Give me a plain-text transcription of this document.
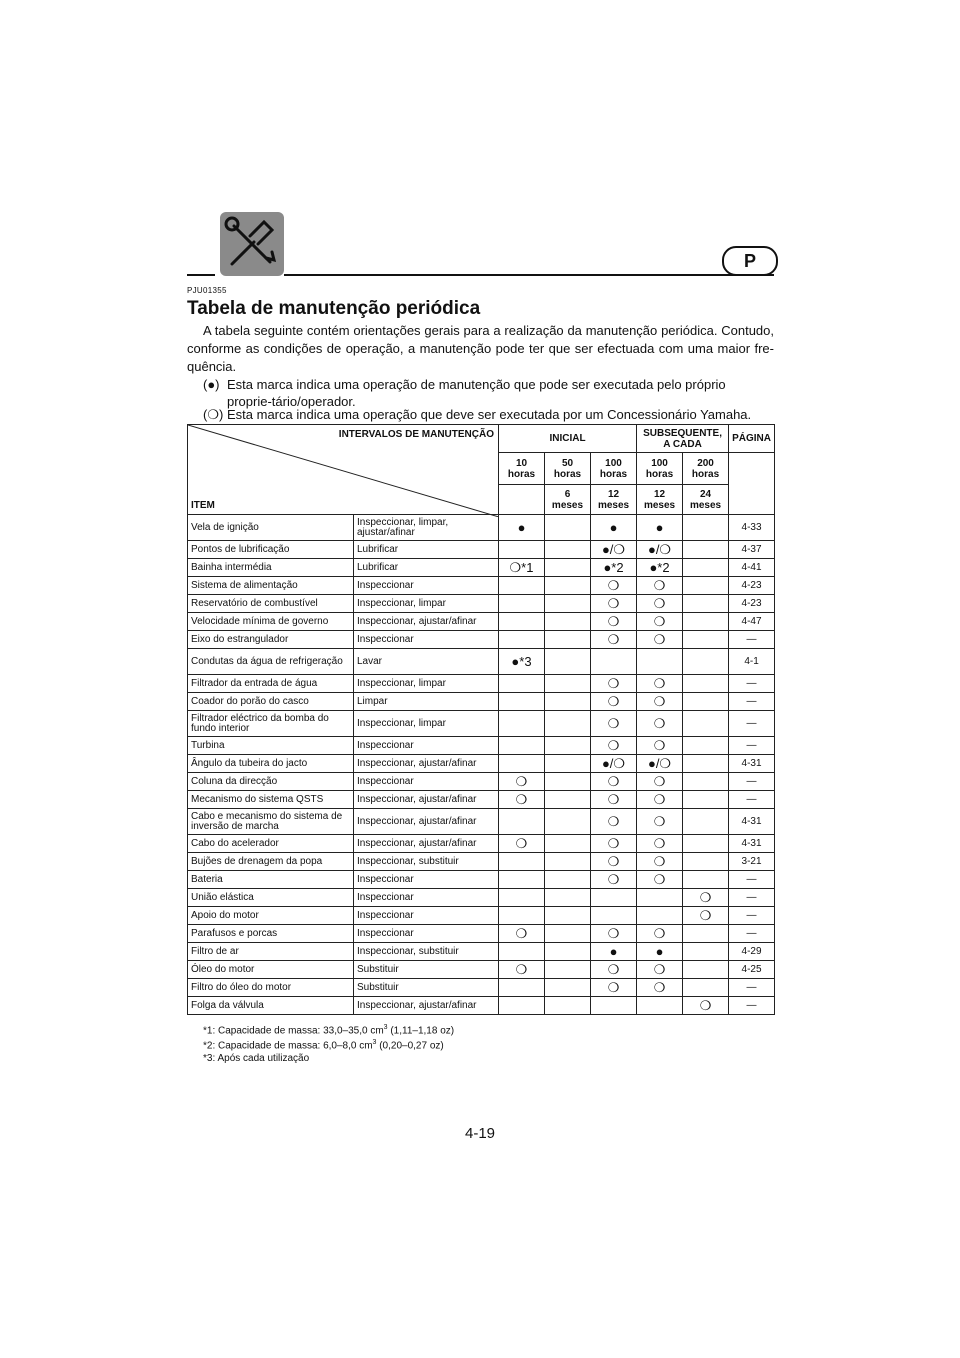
P
PJU01355
Tabela de manutenção periódica

A tabela seguinte contém orientações gerais para a realização da manutenção periódica. Contudo, conforme as condições de operação, a manutenção pode ter que ser efectuada com uma maior fre-quência.

(●) Esta marca indica uma operação de manutenção que pode ser executada pelo próprio proprie-tário/operador.
(❍) Esta marca indica uma operação que deve ser executada por um Concessionário Yamaha.
INTERVALOS DE MANUTENÇÃO
ITEM		INICIAL			SUBSEQUENTE, A CADA		PÁGINA
		10 horas	50 horas	100 horas	100 horas	200 horas	
			6 meses	12 meses	12 meses	24 meses	
Vela de ignição	Inspeccionar, limpar, ajustar/afinar	●		●	●		4-33
Pontos de lubrificação	Lubrificar			●/❍	●/❍		4-37
Bainha intermédia	Lubrificar	❍*1		●*2	●*2		4-41
Sistema de alimentação	Inspeccionar			❍	❍		4-23
Reservatório de combustível	Inspeccionar, limpar			❍	❍		4-23
Velocidade mínima de governo	Inspeccionar, ajustar/afinar			❍	❍		4-47
Eixo do estrangulador	Inspeccionar			❍	❍		—
Condutas da água de refrigeração	Lavar	●*3					4-1
Filtrador da entrada de água	Inspeccionar, limpar			❍	❍		—
Coador do porão do casco	Limpar			❍	❍		—
Filtrador eléctrico da bomba do fundo interior	Inspeccionar, limpar			❍	❍		—
Turbina	Inspeccionar			❍	❍		—
Ângulo da tubeira do jacto	Inspeccionar, ajustar/afinar			●/❍	●/❍		4-31
Coluna da direcção	Inspeccionar	❍		❍	❍		—
Mecanismo do sistema QSTS	Inspeccionar, ajustar/afinar	❍		❍	❍		—
Cabo e mecanismo do sistema de inversão de marcha	Inspeccionar, ajustar/afinar			❍	❍		4-31
Cabo do acelerador	Inspeccionar, ajustar/afinar	❍		❍	❍		4-31
Bujões de drenagem da popa	Inspeccionar, substituir			❍	❍		3-21
Bateria	Inspeccionar			❍	❍		—
União elástica	Inspeccionar					❍	—
Apoio do motor	Inspeccionar					❍	—
Parafusos e porcas	Inspeccionar	❍		❍	❍		—
Filtro de ar	Inspeccionar, substituir			●	●		4-29
Óleo do motor	Substituir	❍		❍	❍		4-25
Filtro do óleo do motor	Substituir			❍	❍		—
Folga da válvula	Inspeccionar, ajustar/afinar					❍	—
*1: Capacidade de massa: 33,0–35,0 $cm^3$ (1,11–1,18 oz)
*2: Capacidade de massa: 6,0–8,0 $cm^3$ (0,20–0,27 oz)
*3: Após cada utilização
4-19
